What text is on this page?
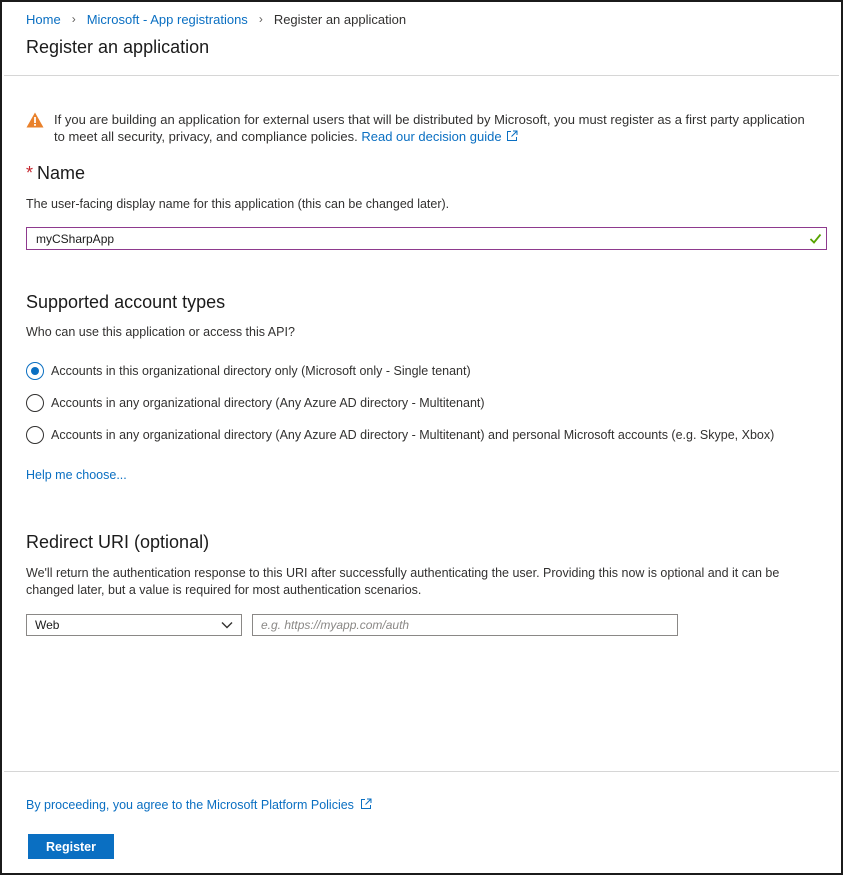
Home › Microsoft - App registrations › Register an application
Register an application
If you are building an application for external users that will be distributed by Microsoft, you must register as a first party application to meet all security, privacy, and compliance policies. Read our decision guide
* Name
The user-facing display name for this application (this can be changed later).
myCSharpApp
Supported account types
Who can use this application or access this API?
Accounts in this organizational directory only (Microsoft only - Single tenant)
Accounts in any organizational directory (Any Azure AD directory - Multitenant)
Accounts in any organizational directory (Any Azure AD directory - Multitenant) and personal Microsoft accounts (e.g. Skype, Xbox)
Help me choose...
Redirect URI (optional)
We'll return the authentication response to this URI after successfully authenticating the user. Providing this now is optional and it can be changed later, but a value is required for most authentication scenarios.
Web
e.g. https://myapp.com/auth
By proceeding, you agree to the Microsoft Platform Policies
Register
